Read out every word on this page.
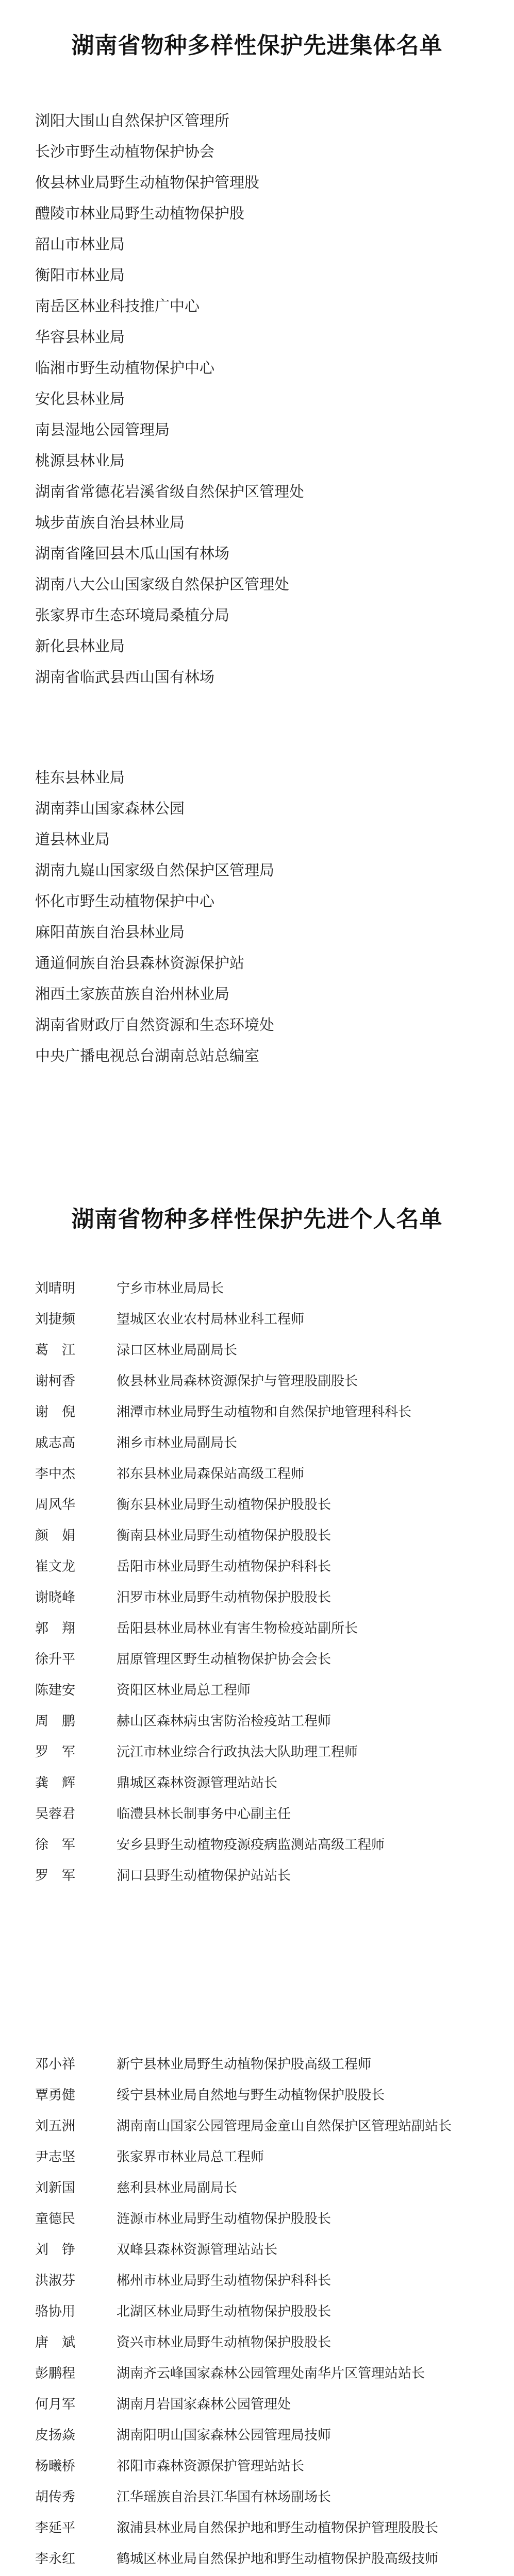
湖南省物种多样性保护先进集体名单
浏阳大围山自然保护区管理所
长沙市野生动植物保护协会
攸县林业局野生动植物保护管理股
醴陵市林业局野生动植物保护股
韶山市林业局
衡阳市林业局
南岳区林业科技推广中心
华容县林业局
临湘市野生动植物保护中心
安化县林业局
南县湿地公园管理局
桃源县林业局
湖南省常德花岩溪省级自然保护区管理处
城步苗族自治县林业局
湖南省隆回县木瓜山国有林场
湖南八大公山国家级自然保护区管理处
张家界市生态环境局桑植分局
新化县林业局
湖南省临武县西山国有林场
桂东县林业局
湖南莽山国家森林公园
道县林业局
湖南九嶷山国家级自然保护区管理局
怀化市野生动植物保护中心
麻阳苗族自治县林业局
通道侗族自治县森林资源保护站
湘西土家族苗族自治州林业局
湖南省财政厅自然资源和生态环境处
中央广播电视总台湖南总站总编室
湖南省物种多样性保护先进个人名单
刘晴明	宁乡市林业局局长
刘捷频	望城区农业农村局林业科工程师
葛　江	渌口区林业局副局长
谢柯香	攸县林业局森林资源保护与管理股副股长
谢　倪	湘潭市林业局野生动植物和自然保护地管理科科长
戚志高	湘乡市林业局副局长
李中杰	祁东县林业局森保站高级工程师
周风华	衡东县林业局野生动植物保护股股长
颜　娟	衡南县林业局野生动植物保护股股长
崔文龙	岳阳市林业局野生动植物保护科科长
谢晓峰	汨罗市林业局野生动植物保护股股长
郭　翔	岳阳县林业局林业有害生物检疫站副所长
徐升平	屈原管理区野生动植物保护协会会长
陈建安	资阳区林业局总工程师
周　鹏	赫山区森林病虫害防治检疫站工程师
罗　军	沅江市林业综合行政执法大队助理工程师
龚　辉	鼎城区森林资源管理站站长
吴蓉君	临澧县林长制事务中心副主任
徐　军	安乡县野生动植物疫源疫病监测站高级工程师
罗　军	洞口县野生动植物保护站站长
邓小祥	新宁县林业局野生动植物保护股高级工程师
覃勇健	绥宁县林业局自然地与野生动植物保护股股长
刘五洲	湖南南山国家公园管理局金童山自然保护区管理站副站长
尹志坚	张家界市林业局总工程师
刘新国	慈利县林业局副局长
童德民	涟源市林业局野生动植物保护股股长
刘　铮	双峰县森林资源管理站站长
洪淑芬	郴州市林业局野生动植物保护科科长
骆协用	北湖区林业局野生动植物保护股股长
唐　斌	资兴市林业局野生动植物保护股股长
彭鹏程	湖南齐云峰国家森林公园管理处南华片区管理站站长
何月军	湖南月岩国家森林公园管理处
皮扬焱	湖南阳明山国家森林公园管理局技师
杨曦桥	祁阳市森林资源保护管理站站长
胡传秀	江华瑶族自治县江华国有林场副场长
李延平	溆浦县林业局自然保护地和野生动植物保护管理股股长
李永红	鹤城区林业局自然保护地和野生动植物保护股高级技师
